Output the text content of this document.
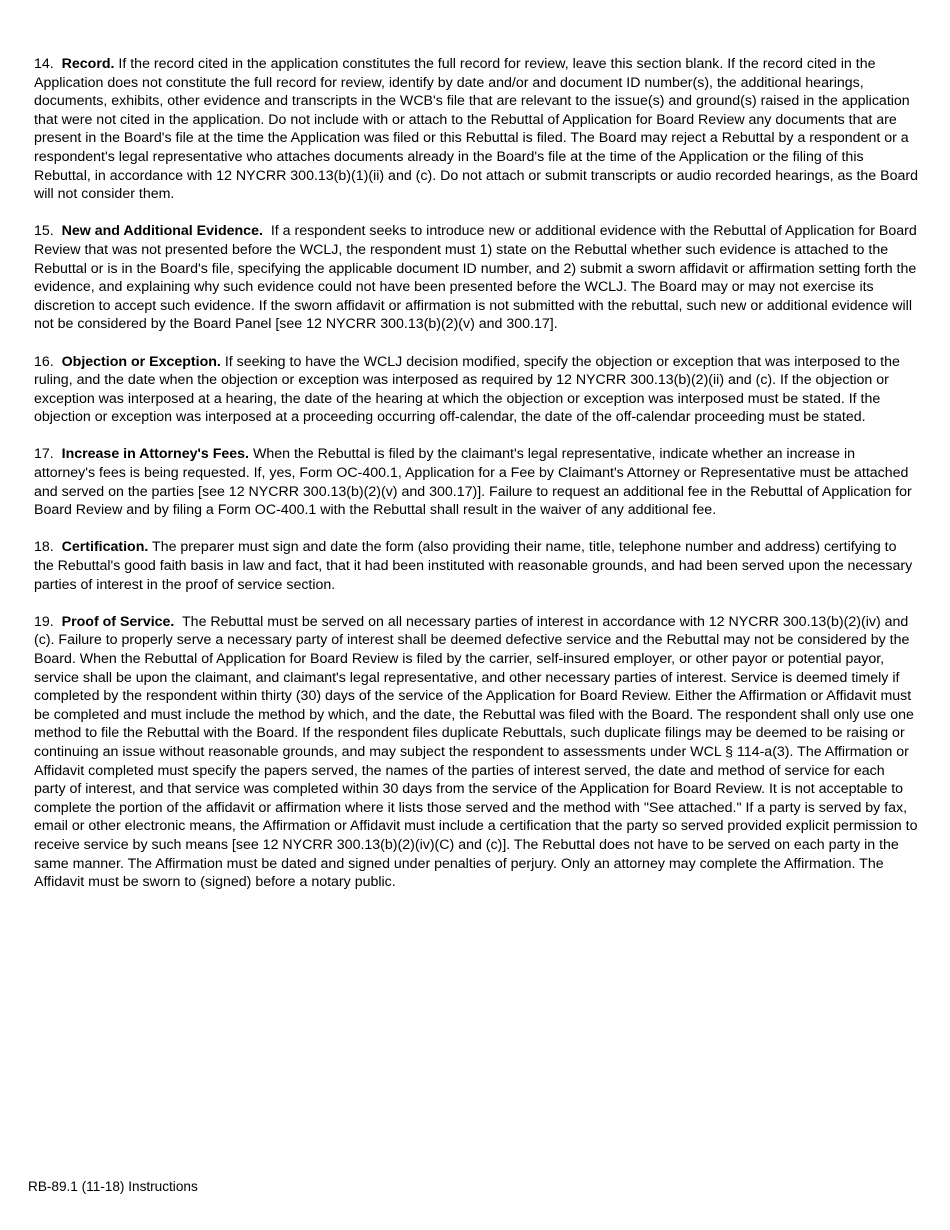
14. Record. If the record cited in the application constitutes the full record for review, leave this section blank. If the record cited in the Application does not constitute the full record for review, identify by date and/or and document ID number(s), the additional hearings, documents, exhibits, other evidence and transcripts in the WCB's file that are relevant to the issue(s) and ground(s) raised in the application that were not cited in the application. Do not include with or attach to the Rebuttal of Application for Board Review any documents that are present in the Board's file at the time the Application was filed or this Rebuttal is filed. The Board may reject a Rebuttal by a respondent or a respondent's legal representative who attaches documents already in the Board's file at the time of the Application or the filing of this Rebuttal, in accordance with 12 NYCRR 300.13(b)(1)(ii) and (c). Do not attach or submit transcripts or audio recorded hearings, as the Board will not consider them.

15. New and Additional Evidence. If a respondent seeks to introduce new or additional evidence with the Rebuttal of Application for Board Review that was not presented before the WCLJ, the respondent must 1) state on the Rebuttal whether such evidence is attached to the Rebuttal or is in the Board's file, specifying the applicable document ID number, and 2) submit a sworn affidavit or affirmation setting forth the evidence, and explaining why such evidence could not have been presented before the WCLJ. The Board may or may not exercise its discretion to accept such evidence. If the sworn affidavit or affirmation is not submitted with the rebuttal, such new or additional evidence will not be considered by the Board Panel [see 12 NYCRR 300.13(b)(2)(v) and 300.17].

16. Objection or Exception. If seeking to have the WCLJ decision modified, specify the objection or exception that was interposed to the ruling, and the date when the objection or exception was interposed as required by 12 NYCRR 300.13(b)(2)(ii) and (c). If the objection or exception was interposed at a hearing, the date of the hearing at which the objection or exception was interposed must be stated. If the objection or exception was interposed at a proceeding occurring off-calendar, the date of the off-calendar proceeding must be stated.

17. Increase in Attorney's Fees. When the Rebuttal is filed by the claimant's legal representative, indicate whether an increase in attorney's fees is being requested. If, yes, Form OC-400.1, Application for a Fee by Claimant's Attorney or Representative must be attached and served on the parties [see 12 NYCRR 300.13(b)(2)(v) and 300.17)]. Failure to request an additional fee in the Rebuttal of Application for Board Review and by filing a Form OC-400.1 with the Rebuttal shall result in the waiver of any additional fee.

18. Certification. The preparer must sign and date the form (also providing their name, title, telephone number and address) certifying to the Rebuttal's good faith basis in law and fact, that it had been instituted with reasonable grounds, and had been served upon the necessary parties of interest in the proof of service section.

19. Proof of Service. The Rebuttal must be served on all necessary parties of interest in accordance with 12 NYCRR 300.13(b)(2)(iv) and (c). Failure to properly serve a necessary party of interest shall be deemed defective service and the Rebuttal may not be considered by the Board. When the Rebuttal of Application for Board Review is filed by the carrier, self-insured employer, or other payor or potential payor, service shall be upon the claimant, and claimant's legal representative, and other necessary parties of interest. Service is deemed timely if completed by the respondent within thirty (30) days of the service of the Application for Board Review. Either the Affirmation or Affidavit must be completed and must include the method by which, and the date, the Rebuttal was filed with the Board. The respondent shall only use one method to file the Rebuttal with the Board. If the respondent files duplicate Rebuttals, such duplicate filings may be deemed to be raising or continuing an issue without reasonable grounds, and may subject the respondent to assessments under WCL § 114-a(3). The Affirmation or Affidavit completed must specify the papers served, the names of the parties of interest served, the date and method of service for each party of interest, and that service was completed within 30 days from the service of the Application for Board Review. It is not acceptable to complete the portion of the affidavit or affirmation where it lists those served and the method with "See attached." If a party is served by fax, email or other electronic means, the Affirmation or Affidavit must include a certification that the party so served provided explicit permission to receive service by such means [see 12 NYCRR 300.13(b)(2)(iv)(C) and (c)]. The Rebuttal does not have to be served on each party in the same manner. The Affirmation must be dated and signed under penalties of perjury. Only an attorney may complete the Affirmation. The Affidavit must be sworn to (signed) before a notary public.

RB-89.1 (11-18) Instructions
